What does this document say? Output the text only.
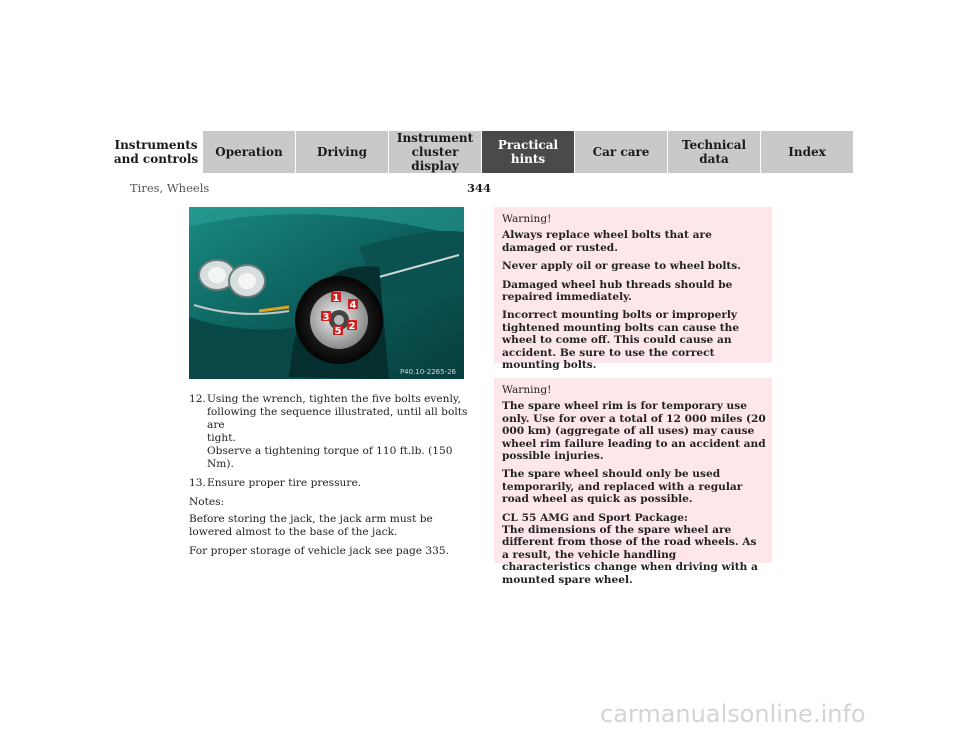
Instruments
and controls Operation	Driving
Instrument
cluster display
Practical hints	Car care	Technical
data	Index
Tires, Wheels	344
1
2
3
4
5
P40.10-2265-26
12. Using the wrench, tighten the five bolts evenly,
following the sequence illustrated, until all bolts are
tight.
Observe a tightening torque of 110 ft.lb. (150 Nm).
13. Ensure proper tire pressure.
Notes:

Before storing the jack, the jack arm must be lowered almost to the base of the jack.

For proper storage of vehicle jack see page 335.

Warning!

Always replace wheel bolts that are damaged or rusted.

Never apply oil or grease to wheel bolts.

Damaged wheel hub threads should be repaired immediately.

Incorrect mounting bolts or improperly tightened mounting bolts can cause the wheel to come off. This could cause an accident. Be sure to use the correct mounting bolts.

Warning!

The spare wheel rim is for temporary use only. Use for over a total of 12 000 miles (20 000 km) (aggregate of all uses) may cause wheel rim failure leading to an accident and possible injuries.

The spare wheel should only be used temporarily, and replaced with a regular road wheel as quick as possible.

CL 55 AMG and Sport Package:
The dimensions of the spare wheel are different from those of the road wheels. As a result, the vehicle handling characteristics change when driving with a mounted spare wheel.

carmanualsonline.info
